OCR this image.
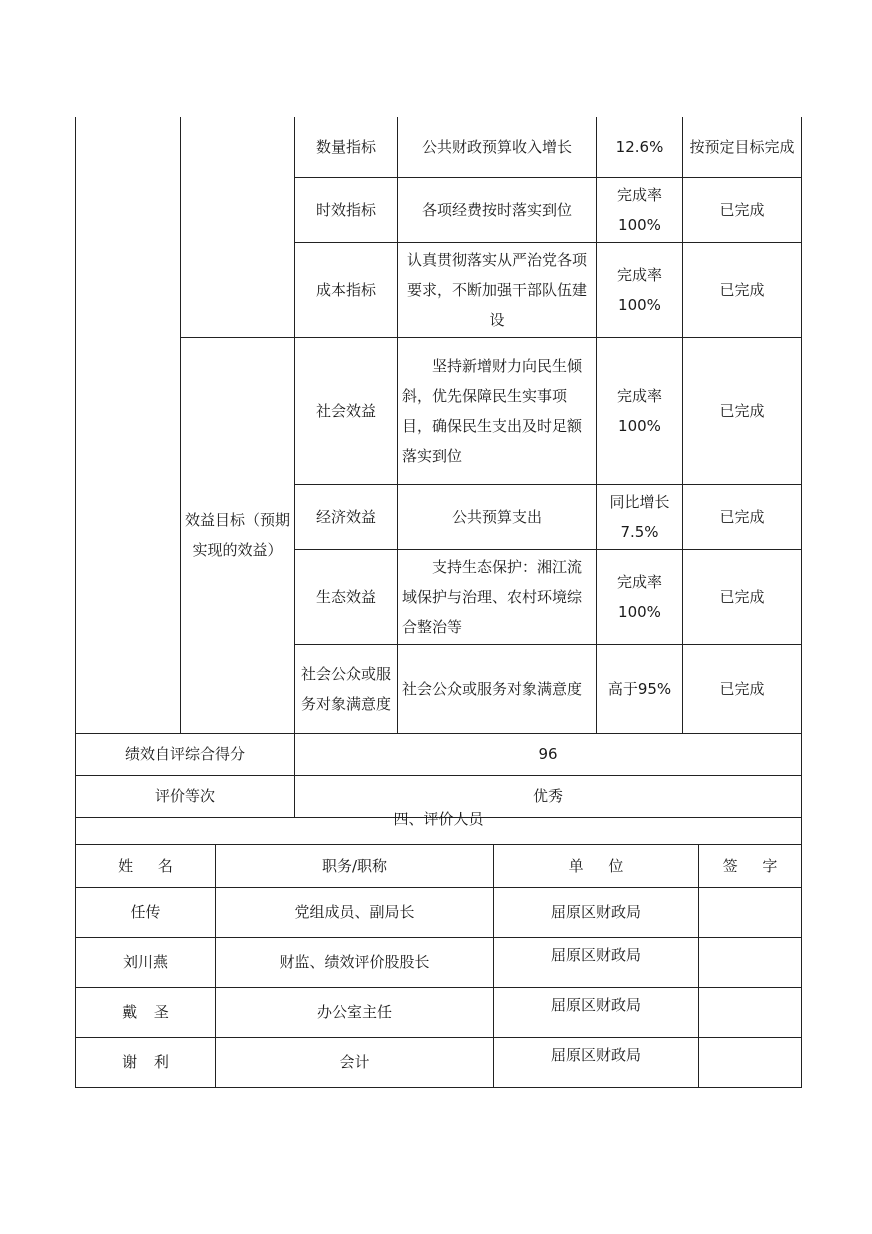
		数量指标	公共财政预算收入增长	12.6%	按预定目标完成
		时效指标	各项经费按时落实到位	完成率100%	已完成
		成本指标	认真贯彻落实从严治党各项要求，不断加强干部队伍建设	完成率100%	已完成
	效益目标（预期实现的效益）	社会效益	坚持新增财力向民生倾斜，优先保障民生实事项目，确保民生支出及时足额落实到位	完成率100%	已完成
		经济效益	公共预算支出	同比增长7.5%	已完成
		生态效益	支持生态保护：湘江流域保护与治理、农村环境综合整治等	完成率100%	已完成
		社会公众或服务对象满意度	社会公众或服务对象满意度	高于95%	已完成
绩效自评综合得分		96			
评价等次		优秀			
四、评价人员			
姓 名	职务/职称	单 位	签 字
任传	党组成员、副局长	屈原区财政局	
刘川燕	财监、绩效评价股股长	屈原区财政局	
戴 圣	办公室主任	屈原区财政局	
谢 利	会计	屈原区财政局	
